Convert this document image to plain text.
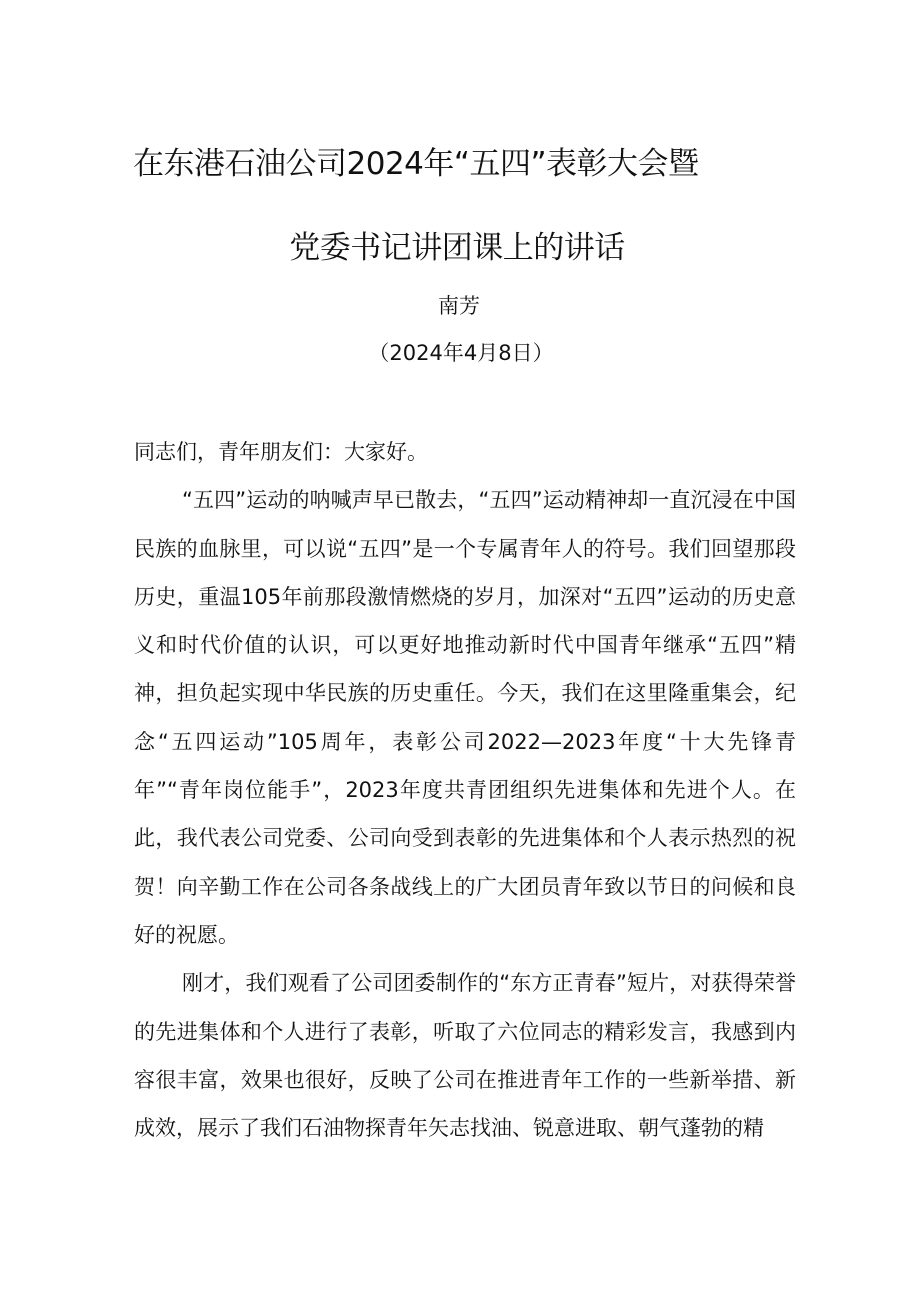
在东港石油公司2024年“五四”表彰大会暨
党委书记讲团课上的讲话

南芳

（2024年4月8日）

同志们，青年朋友们：大家好。

“五四”运动的呐喊声早已散去，“五四”运动精神却一直沉浸在中国民族的血脉里，可以说“五四”是一个专属青年人的符号。我们回望那段历史，重温105年前那段激情燃烧的岁月，加深对“五四”运动的历史意义和时代价值的认识，可以更好地推动新时代中国青年继承“五四”精神，担负起实现中华民族的历史重任。今天，我们在这里隆重集会，纪念“五四运动”105周年，表彰公司2022—2023年度“十大先锋青年”“青年岗位能手”，2023年度共青团组织先进集体和先进个人。在此，我代表公司党委、公司向受到表彰的先进集体和个人表示热烈的祝贺！向辛勤工作在公司各条战线上的广大团员青年致以节日的问候和良好的祝愿。

刚才，我们观看了公司团委制作的“东方正青春”短片，对获得荣誉的先进集体和个人进行了表彰，听取了六位同志的精彩发言，我感到内容很丰富，效果也很好，反映了公司在推进青年工作的一些新举措、新成效，展示了我们石油物探青年矢志找油、锐意进取、朝气蓬勃的精
